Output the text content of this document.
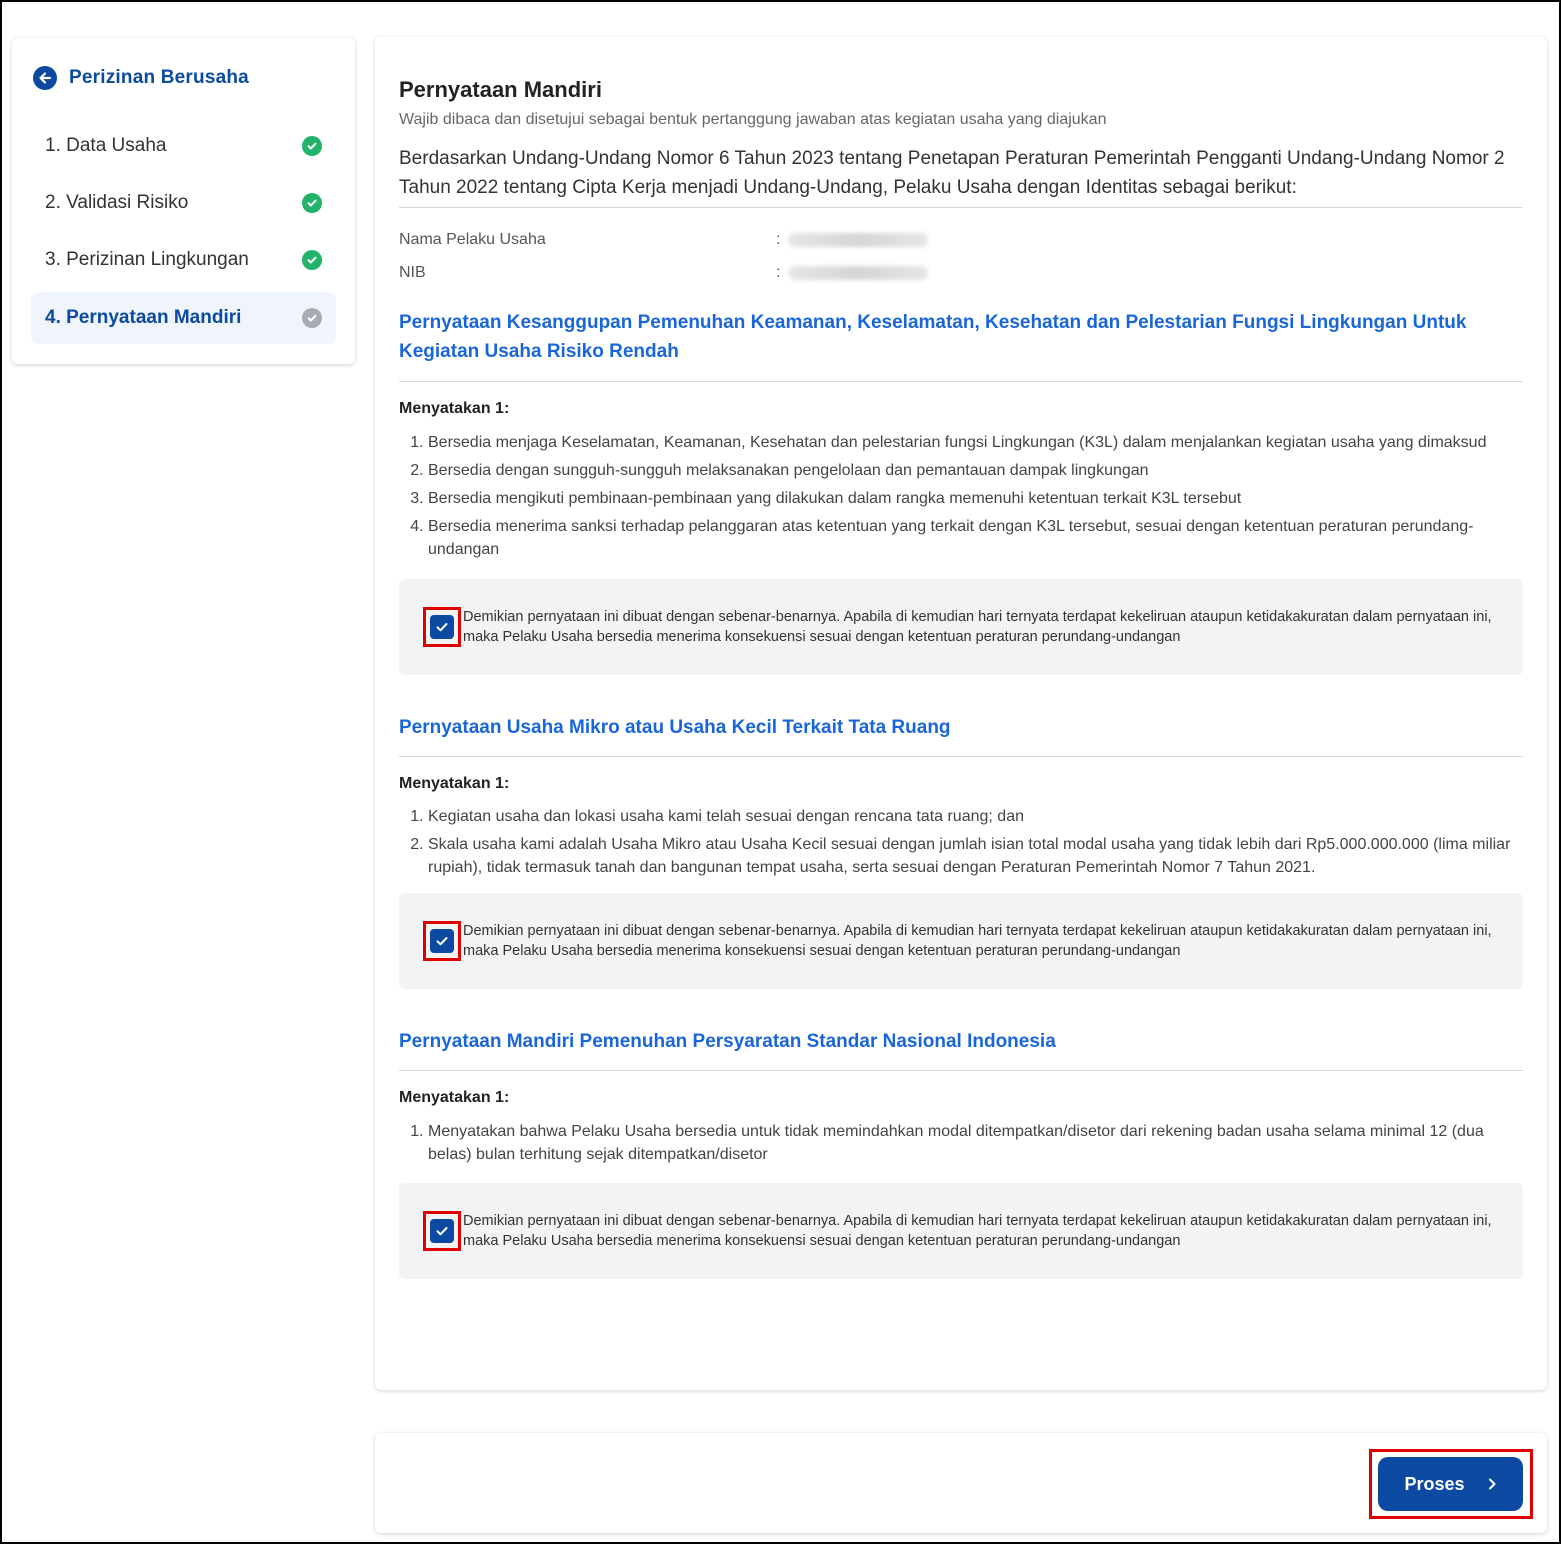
Perizinan Berusaha
1. Data Usaha
2. Validasi Risiko
3. Perizinan Lingkungan
4. Pernyataan Mandiri
Pernyataan Mandiri
Wajib dibaca dan disetujui sebagai bentuk pertanggung jawaban atas kegiatan usaha yang diajukan
Berdasarkan Undang-Undang Nomor 6 Tahun 2023 tentang Penetapan Peraturan Pemerintah Pengganti Undang-Undang Nomor 2 Tahun 2022 tentang Cipta Kerja menjadi Undang-Undang, Pelaku Usaha dengan Identitas sebagai berikut:
Nama Pelaku Usaha	:
NIB	:
Pernyataan Kesanggupan Pemenuhan Keamanan, Keselamatan, Kesehatan dan Pelestarian Fungsi Lingkungan Untuk Kegiatan Usaha Risiko Rendah
Menyatakan 1:
1. Bersedia menjaga Keselamatan, Keamanan, Kesehatan dan pelestarian fungsi Lingkungan (K3L) dalam menjalankan kegiatan usaha yang dimaksud
2. Bersedia dengan sungguh-sungguh melaksanakan pengelolaan dan pemantauan dampak lingkungan
3. Bersedia mengikuti pembinaan-pembinaan yang dilakukan dalam rangka memenuhi ketentuan terkait K3L tersebut
4. Bersedia menerima sanksi terhadap pelanggaran atas ketentuan yang terkait dengan K3L tersebut, sesuai dengan ketentuan peraturan perundang-undangan
Demikian pernyataan ini dibuat dengan sebenar-benarnya. Apabila di kemudian hari ternyata terdapat kekeliruan ataupun ketidakakuratan dalam pernyataan ini, maka Pelaku Usaha bersedia menerima konsekuensi sesuai dengan ketentuan peraturan perundang-undangan
Pernyataan Usaha Mikro atau Usaha Kecil Terkait Tata Ruang
Menyatakan 1:
1. Kegiatan usaha dan lokasi usaha kami telah sesuai dengan rencana tata ruang; dan
2. Skala usaha kami adalah Usaha Mikro atau Usaha Kecil sesuai dengan jumlah isian total modal usaha yang tidak lebih dari Rp5.000.000.000 (lima miliar rupiah), tidak termasuk tanah dan bangunan tempat usaha, serta sesuai dengan Peraturan Pemerintah Nomor 7 Tahun 2021.
Demikian pernyataan ini dibuat dengan sebenar-benarnya. Apabila di kemudian hari ternyata terdapat kekeliruan ataupun ketidakakuratan dalam pernyataan ini, maka Pelaku Usaha bersedia menerima konsekuensi sesuai dengan ketentuan peraturan perundang-undangan
Pernyataan Mandiri Pemenuhan Persyaratan Standar Nasional Indonesia
Menyatakan 1:
1. Menyatakan bahwa Pelaku Usaha bersedia untuk tidak memindahkan modal ditempatkan/disetor dari rekening badan usaha selama minimal 12 (dua belas) bulan terhitung sejak ditempatkan/disetor
Demikian pernyataan ini dibuat dengan sebenar-benarnya. Apabila di kemudian hari ternyata terdapat kekeliruan ataupun ketidakakuratan dalam pernyataan ini, maka Pelaku Usaha bersedia menerima konsekuensi sesuai dengan ketentuan peraturan perundang-undangan
Proses
